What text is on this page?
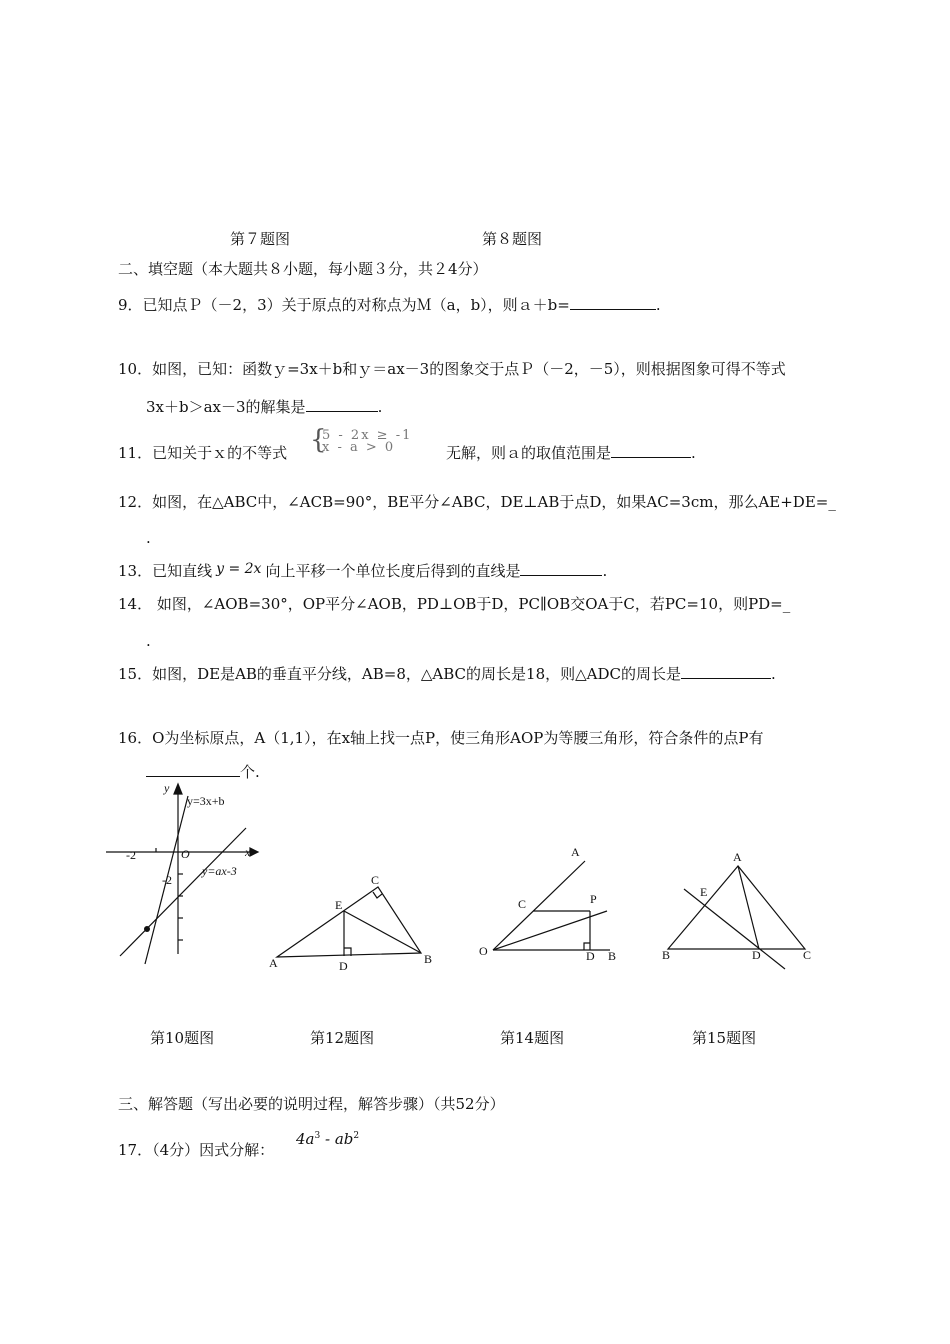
第７题图	第８题图
二、填空题（本大题共８小题，每小题３分，共２4分）
9．已知点Ｐ（－2，3）关于原点的对称点为Ｍ（a，b），则ａ＋b=	.
10．如图，已知：函数ｙ=3x＋b和ｙ＝ax－3的图象交于点Ｐ（－2，－5），则根据图象可得不等式
3x＋b＞ax－3的解集是	.
11．已知关于ｘ的不等式 {
5 - 2x ≥ -1
x - a > 0	无解，则ａ的取值范围是	.
12．如图，在△ABC中，∠ACB=90°，BE平分∠ABC，DE⊥AB于点D，如果AC=3cm，那么AE+DE=_
.
13．已知直线 y = 2x 向上平移一个单位长度后得到的直线是	.
14． 如图，∠AOB=30°，OP平分∠AOB，PD⊥OB于D，PC∥OB交OA于C，若PC=10，则PD=_
.
15．如图，DE是AB的垂直平分线，AB=8，△ABC的周长是18，则△ADC的周长是	.
16．O为坐标原点，A（1,1），在x轴上找一点P，使三角形AOP为等腰三角形，符合条件的点P有
个.
y
x
y=3x+b
y=ax-3
O
-2
-2
A	B
C
D
E
O
A
B
C
D
P
A
B	C
D
E
第10题图	第12题图	第14题图	第15题图
三、解答题（写出必要的说明过程，解答步骤）（共52分）
17．（4分）因式分解：
$4a^3 - ab^2$
